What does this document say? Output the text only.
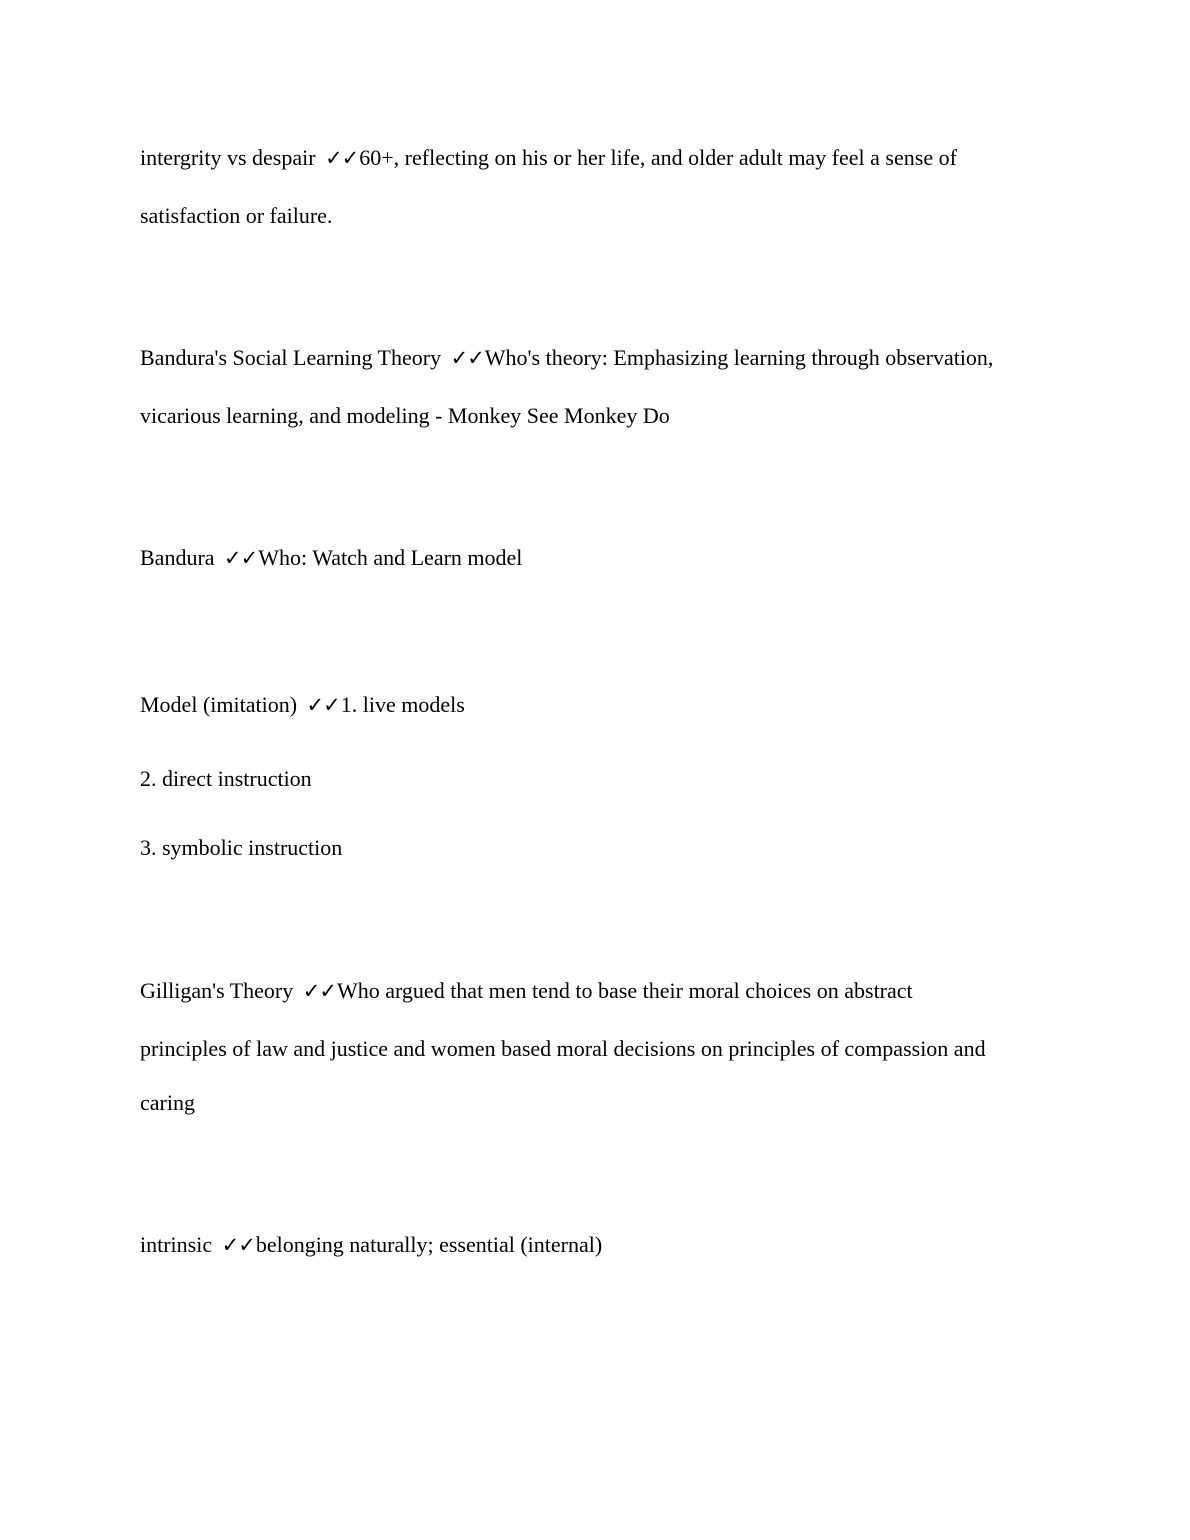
intergrity vs despair ✓✓60+, reflecting on his or her life, and older adult may feel a sense of

satisfaction or failure.

Bandura's Social Learning Theory ✓✓Who's theory: Emphasizing learning through observation,

vicarious learning, and modeling - Monkey See Monkey Do

Bandura ✓✓Who: Watch and Learn model

Model (imitation) ✓✓1. live models

2. direct instruction

3. symbolic instruction

Gilligan's Theory ✓✓Who argued that men tend to base their moral choices on abstract

principles of law and justice and women based moral decisions on principles of compassion and

caring

intrinsic ✓✓belonging naturally; essential (internal)
